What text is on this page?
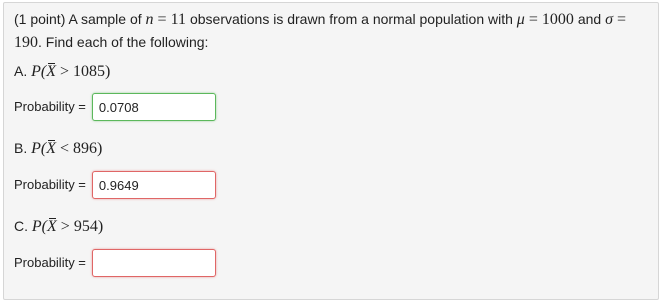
(1 point) A sample of n = 11 observations is drawn from a normal population with μ = 1000 and σ = 190. Find each of the following:
A. P(X > 1085)
Probability =
0.0708
B. P(X < 896)
Probability =
0.9649
C. P(X > 954)
Probability =
